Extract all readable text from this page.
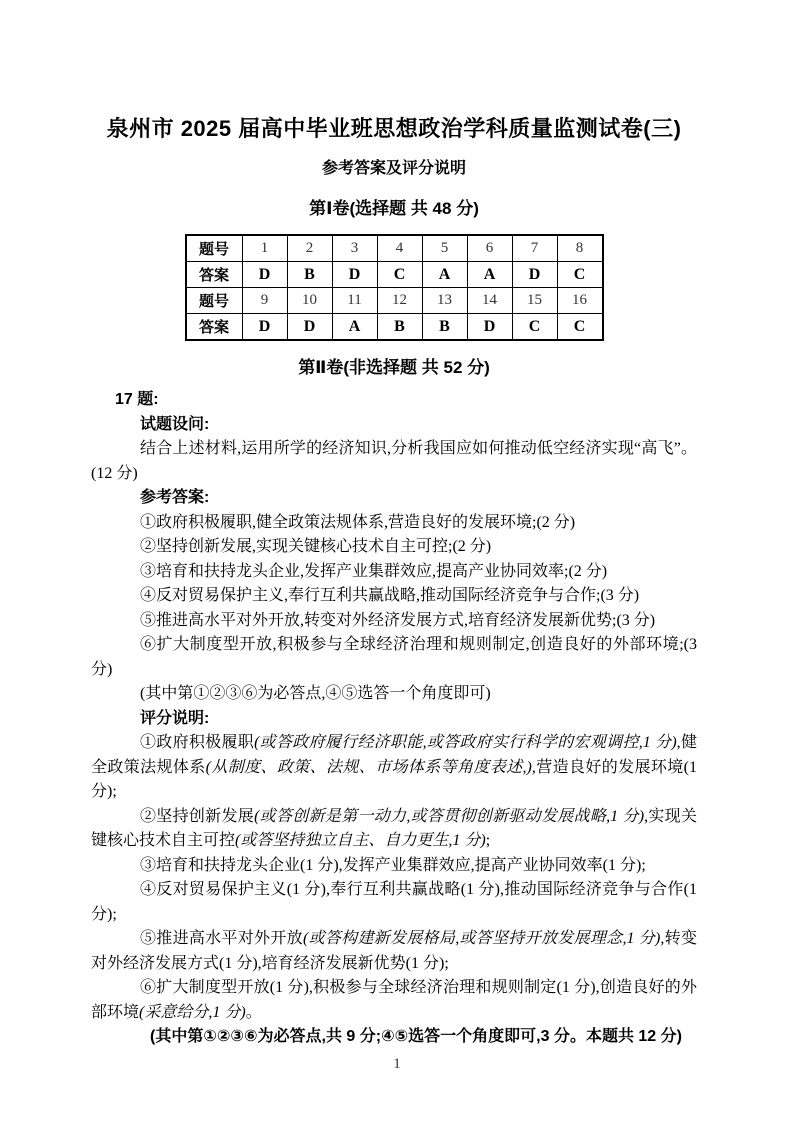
泉州市 2025 届高中毕业班思想政治学科质量监测试卷(三)
参考答案及评分说明
第Ⅰ卷(选择题 共 48 分)
题号	1	2	3	4	5	6	7	8
答案	D	B	D	C	A	A	D	C
题号	9	10	11	12	13	14	15	16
答案	D	D	A	B	B	D	C	C
第Ⅱ卷(非选择题 共 52 分)

17 题:

试题设问:

结合上述材料,运用所学的经济知识,分析我国应如何推动低空经济实现“高飞”。(12 分)

参考答案:

①政府积极履职,健全政策法规体系,营造良好的发展环境;(2 分)

②坚持创新发展,实现关键核心技术自主可控;(2 分)

③培育和扶持龙头企业,发挥产业集群效应,提高产业协同效率;(2 分)

④反对贸易保护主义,奉行互利共赢战略,推动国际经济竞争与合作;(3 分)

⑤推进高水平对外开放,转变对外经济发展方式,培育经济发展新优势;(3 分)

⑥扩大制度型开放,积极参与全球经济治理和规则制定,创造良好的外部环境;(3 分)

(其中第①②③⑥为必答点,④⑤选答一个角度即可)

评分说明:

①政府积极履职(或答政府履行经济职能,或答政府实行科学的宏观调控,1 分),健全政策法规体系(从制度、政策、法规、市场体系等角度表述,),营造良好的发展环境(1 分);

②坚持创新发展(或答创新是第一动力,或答贯彻创新驱动发展战略,1 分),实现关键核心技术自主可控(或答坚持独立自主、自力更生,1 分);

③培育和扶持龙头企业(1 分),发挥产业集群效应,提高产业协同效率(1 分);

④反对贸易保护主义(1 分),奉行互利共赢战略(1 分),推动国际经济竞争与合作(1 分);

⑤推进高水平对外开放(或答构建新发展格局,或答坚持开放发展理念,1 分),转变对外经济发展方式(1 分),培育经济发展新优势(1 分);

⑥扩大制度型开放(1 分),积极参与全球经济治理和规则制定(1 分),创造良好的外部环境(采意给分,1 分)。

(其中第①②③⑥为必答点,共 9 分;④⑤选答一个角度即可,3 分。本题共 12 分)

1
